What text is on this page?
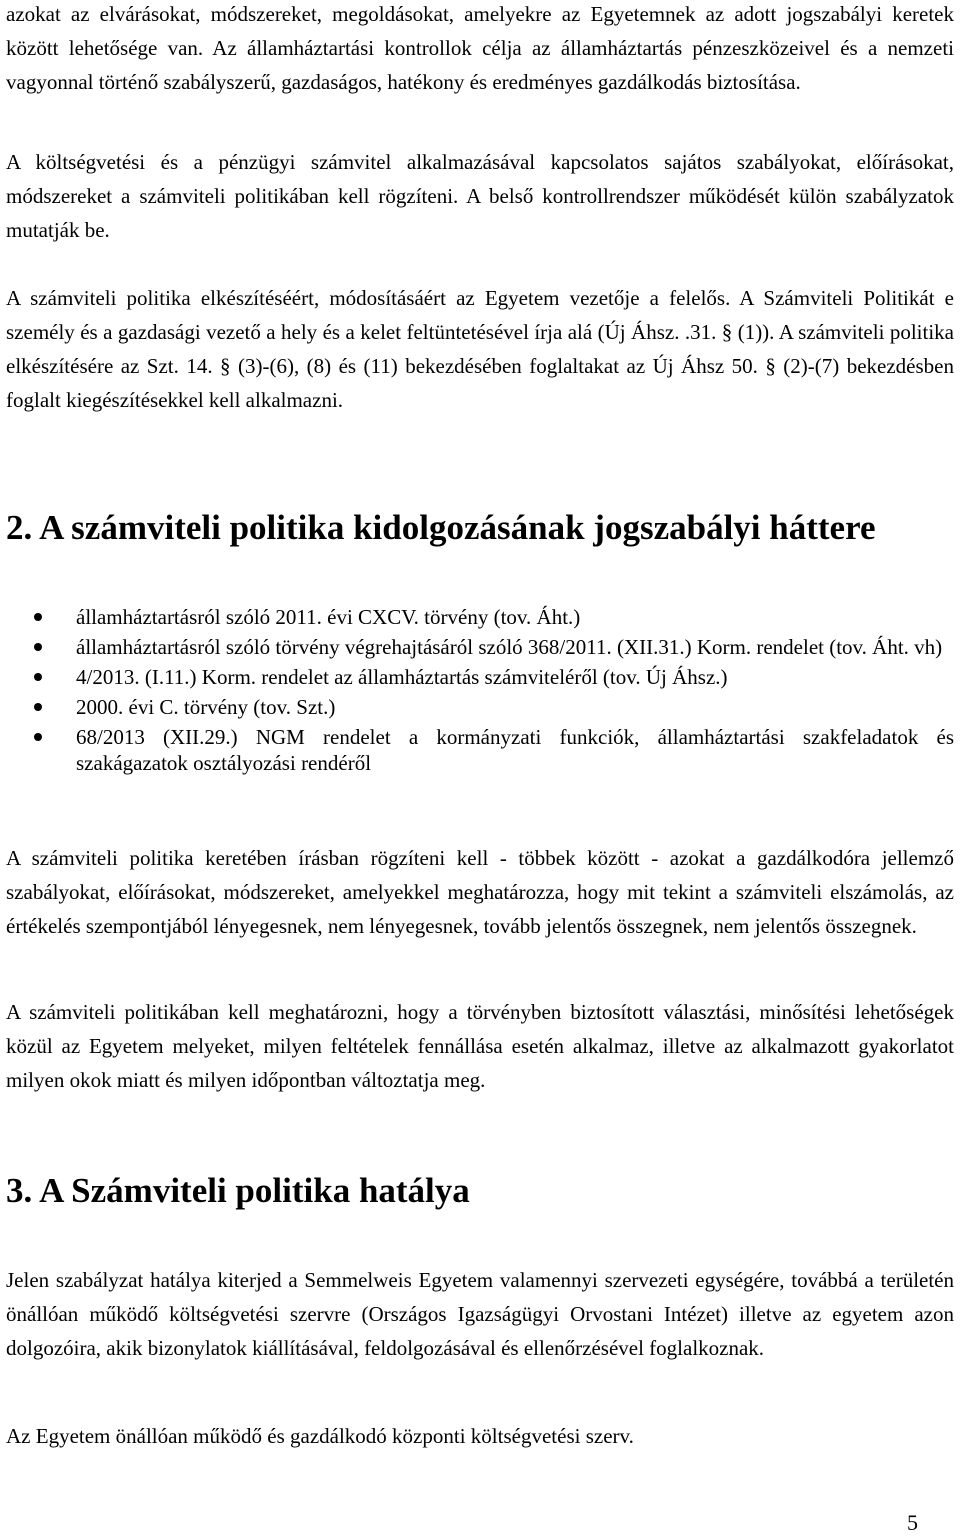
azokat az elvárásokat, módszereket, megoldásokat, amelyekre az Egyetemnek az adott jogszabályi keretek között lehetősége van. Az államháztartási kontrollok célja az államháztartás pénzeszközeivel és a nemzeti vagyonnal történő szabályszerű, gazdaságos, hatékony és eredményes gazdálkodás biztosítása.

A költségvetési és a pénzügyi számvitel alkalmazásával kapcsolatos sajátos szabályokat, előírásokat, módszereket a számviteli politikában kell rögzíteni. A belső kontrollrendszer működését külön szabályzatok mutatják be.

A számviteli politika elkészítéséért, módosításáért az Egyetem vezetője a felelős. A Számviteli Politikát e személy és a gazdasági vezető a hely és a kelet feltüntetésével írja alá (Új Áhsz. .31. § (1)). A számviteli politika elkészítésére az Szt. 14. § (3)-(6), (8) és (11) bekezdésében foglaltakat az Új Áhsz 50. § (2)-(7) bekezdésben foglalt kiegészítésekkel kell alkalmazni.

2. A számviteli politika kidolgozásának jogszabályi háttere
államháztartásról szóló 2011. évi CXCV. törvény (tov. Áht.)
államháztartásról szóló törvény végrehajtásáról szóló 368/2011. (XII.31.) Korm. rendelet (tov. Áht. vh)
4/2013. (I.11.) Korm. rendelet az államháztartás számviteléről (tov. Új Áhsz.)
2000. évi C. törvény (tov. Szt.)
68/2013 (XII.29.) NGM rendelet a kormányzati funkciók, államháztartási szakfeladatok és szakágazatok osztályozási rendéről

A számviteli politika keretében írásban rögzíteni kell - többek között - azokat a gazdálkodóra jellemző szabályokat, előírásokat, módszereket, amelyekkel meghatározza, hogy mit tekint a számviteli elszámolás, az értékelés szempontjából lényegesnek, nem lényegesnek, tovább jelentős összegnek, nem jelentős összegnek.

A számviteli politikában kell meghatározni, hogy a törvényben biztosított választási, minősítési lehetőségek közül az Egyetem melyeket, milyen feltételek fennállása esetén alkalmaz, illetve az alkalmazott gyakorlatot milyen okok miatt és milyen időpontban változtatja meg.

3. A Számviteli politika hatálya

Jelen szabályzat hatálya kiterjed a Semmelweis Egyetem valamennyi szervezeti egységére, továbbá a területén önállóan működő költségvetési szervre (Országos Igazságügyi Orvostani Intézet) illetve az egyetem azon dolgozóira, akik bizonylatok kiállításával, feldolgozásával és ellenőrzésével foglalkoznak.

Az Egyetem önállóan működő és gazdálkodó központi költségvetési szerv.

5
